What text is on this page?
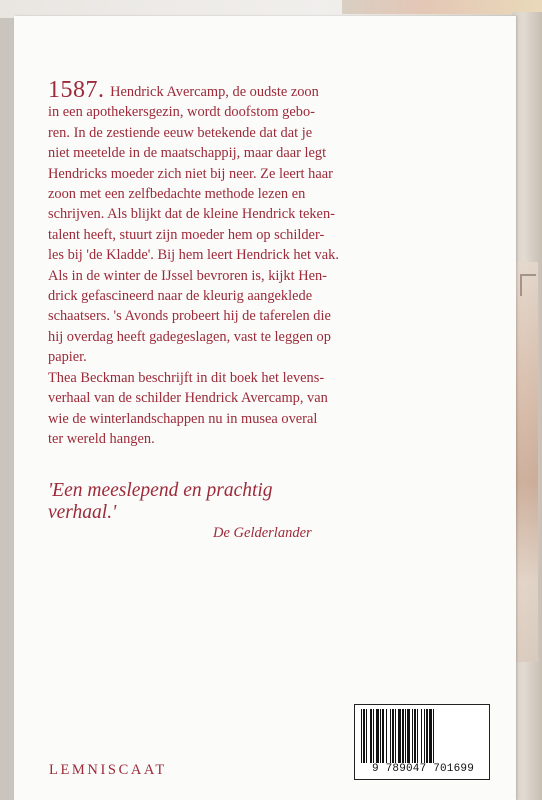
1587. Hendrick Avercamp, de oudste zoon
in een apothekersgezin, wordt doofstom gebo-
ren. In de zestiende eeuw betekende dat dat je
niet meetelde in de maatschappij, maar daar legt
Hendricks moeder zich niet bij neer. Ze leert haar
zoon met een zelfbedachte methode lezen en
schrijven. Als blijkt dat de kleine Hendrick teken-
talent heeft, stuurt zijn moeder hem op schilder-
les bij 'de Kladde'. Bij hem leert Hendrick het vak.
Als in de winter de IJssel bevroren is, kijkt Hen-
drick gefascineerd naar de kleurig aangeklede
schaatsers. 's Avonds probeert hij de taferelen die
hij overdag heeft gadegeslagen, vast te leggen op
papier.
Thea Beckman beschrijft in dit boek het levens-
verhaal van de schilder Hendrick Avercamp, van
wie de winterlandschappen nu in musea overal
ter wereld hangen.

'Een meeslepend en prachtig
verhaal.'

De Gelderlander
LEMNISCAAT	9 789047 701699
